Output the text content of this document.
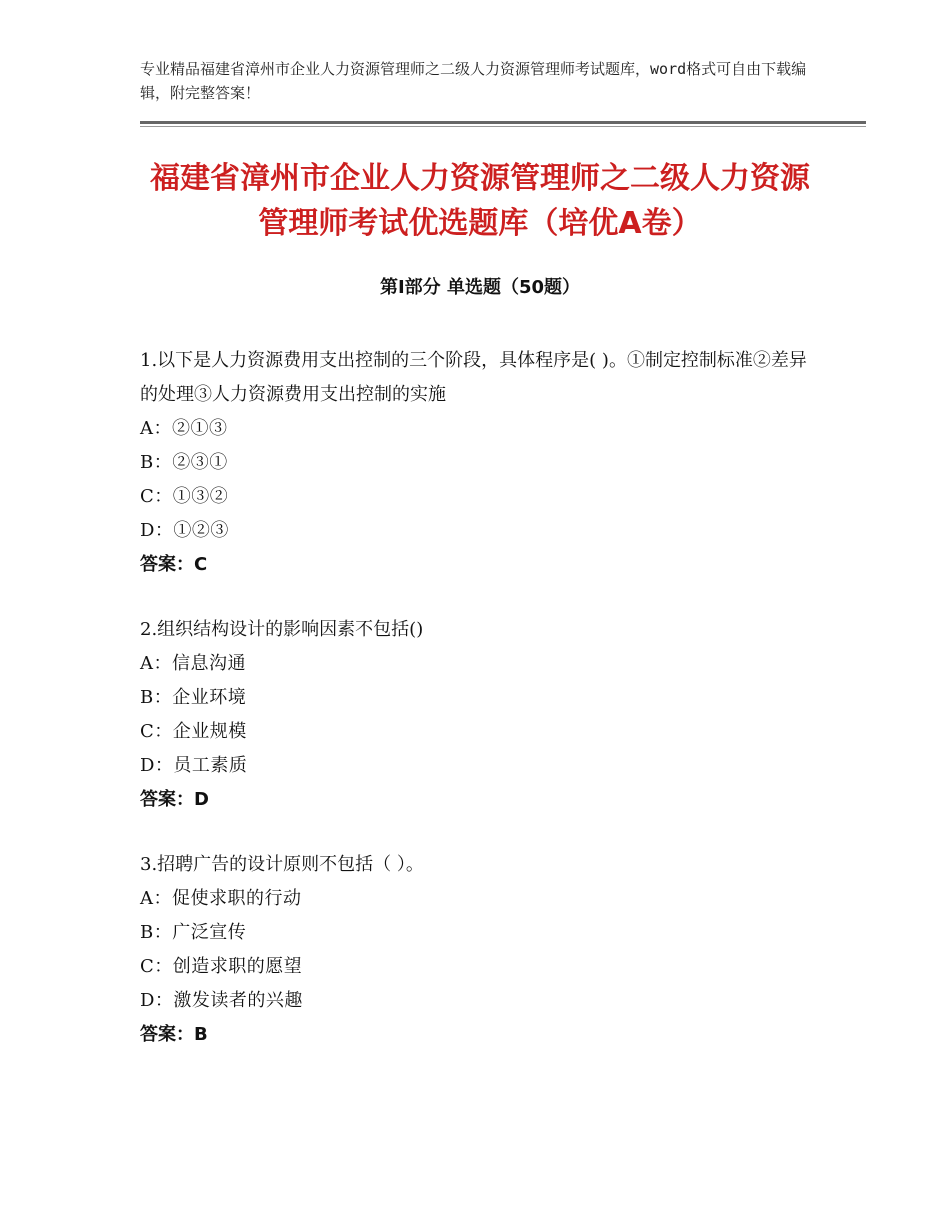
专业精品福建省漳州市企业人力资源管理师之二级人力资源管理师考试题库，word格式可自由下载编辑，附完整答案！
福建省漳州市企业人力资源管理师之二级人力资源管理师考试优选题库（培优A卷）
第Ⅰ部分 单选题（50题）
1.以下是人力资源费用支出控制的三个阶段，具体程序是( )。①制定控制标准②差异的处理③人力资源费用支出控制的实施
A：②①③
B：②③①
C：①③②
D：①②③
答案：C
2.组织结构设计的影响因素不包括()
A：信息沟通
B：企业环境
C：企业规模
D：员工素质
答案：D
3.招聘广告的设计原则不包括（ ）。
A：促使求职的行动
B：广泛宣传
C：创造求职的愿望
D：激发读者的兴趣
答案：B
